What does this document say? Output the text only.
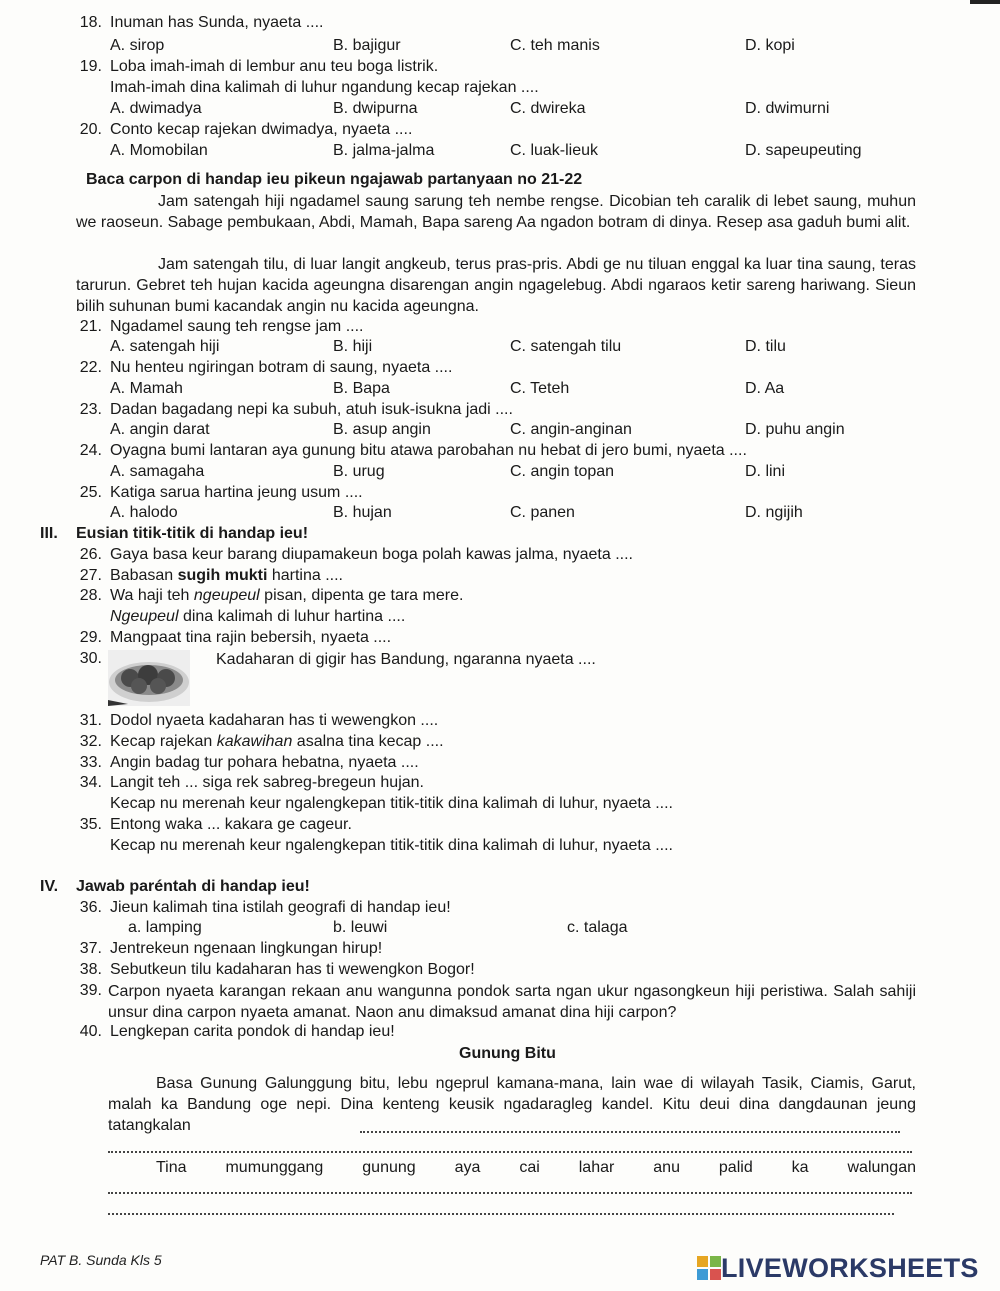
18. Inuman has Sunda, nyaeta ....
A. sirop	B. bajigur	C. teh manis	D. kopi
19. Loba imah-imah di lembur anu teu boga listrik.
Imah-imah dina kalimah di luhur ngandung kecap rajekan ....
A. dwimadya	B. dwipurna	C. dwireka	D. dwimurni
20. Conto kecap rajekan dwimadya, nyaeta ....
A. Momobilan	B. jalma-jalma	C. luak-lieuk	D. sapeupeuting
Baca carpon di handap ieu pikeun ngajawab partanyaan no 21-22
Jam satengah hiji ngadamel saung sarung teh nembe rengse. Dicobian teh caralik di lebet saung, muhun we raoseun. Sabage pembukaan, Abdi, Mamah, Bapa sareng Aa ngadon botram di dinya. Resep asa gaduh bumi alit.
Jam satengah tilu, di luar langit angkeub, terus pras-pris. Abdi ge nu tiluan enggal ka luar tina saung, teras tarurun. Gebret teh hujan kacida ageungna disarengan angin ngagelebug. Abdi ngaraos ketir sareng hariwang. Sieun bilih suhunan bumi kacandak angin nu kacida ageungna.
21. Ngadamel saung teh rengse jam ....
A. satengah hiji	B. hiji	C. satengah tilu	D. tilu
22. Nu henteu ngiringan botram di saung, nyaeta ....
A. Mamah	B. Bapa	C. Teteh	D. Aa
23. Dadan bagadang nepi ka subuh, atuh isuk-isukna jadi ....
A. angin darat	B. asup angin	C. angin-anginan	D. puhu angin
24. Oyagna bumi lantaran aya gunung bitu atawa parobahan nu hebat di jero bumi, nyaeta ....
A. samagaha	B. urug	C. angin topan	D. lini
25. Katiga sarua hartina jeung usum ....
A. halodo	B. hujan	C. panen	D. ngijih
III. Eusian titik-titik di handap ieu!
26. Gaya basa keur barang diupamakeun boga polah kawas jalma, nyaeta ....
27. Babasan sugih mukti hartina ....
28. Wa haji teh ngeupeul pisan, dipenta ge tara mere.
Ngeupeul dina kalimah di luhur hartina ....
29. Mangpaat tina rajin bebersih, nyaeta ....
30.	Kadaharan di gigir has Bandung, ngaranna nyaeta ....
31. Dodol nyaeta kadaharan has ti wewengkon ....
32. Kecap rajekan kakawihan asalna tina kecap ....
33. Angin badag tur pohara hebatna, nyaeta ....
34. Langit teh ... siga rek sabreg-bregeun hujan.
Kecap nu merenah keur ngalengkepan titik-titik dina kalimah di luhur, nyaeta ....
35. Entong waka ... kakara ge cageur.
Kecap nu merenah keur ngalengkepan titik-titik dina kalimah di luhur, nyaeta ....
IV. Jawab paréntah di handap ieu!
36. Jieun kalimah tina istilah geografi di handap ieu!
a. lamping	b. leuwi	c. talaga
37. Jentrekeun ngenaan lingkungan hirup!
38. Sebutkeun tilu kadaharan has ti wewengkon Bogor!
39. Carpon nyaeta karangan rekaan anu wangunna pondok sarta ngan ukur ngasongkeun hiji peristiwa. Salah sahiji unsur dina carpon nyaeta amanat. Naon anu dimaksud amanat dina hiji carpon?
40. Lengkepan carita pondok di handap ieu!
Gunung Bitu
Basa Gunung Galunggung bitu, lebu ngeprul kamana-mana, lain wae di wilayah Tasik, Ciamis, Garut, malah ka Bandung oge nepi. Dina kenteng keusik ngadaragleg kandel. Kitu deui dina dangdaunan jeung tatangkalan
Tina mumunggang gunung aya cai lahar anu palid ka walungan
PAT B. Sunda Kls 5	LIVEWORKSHEETS
